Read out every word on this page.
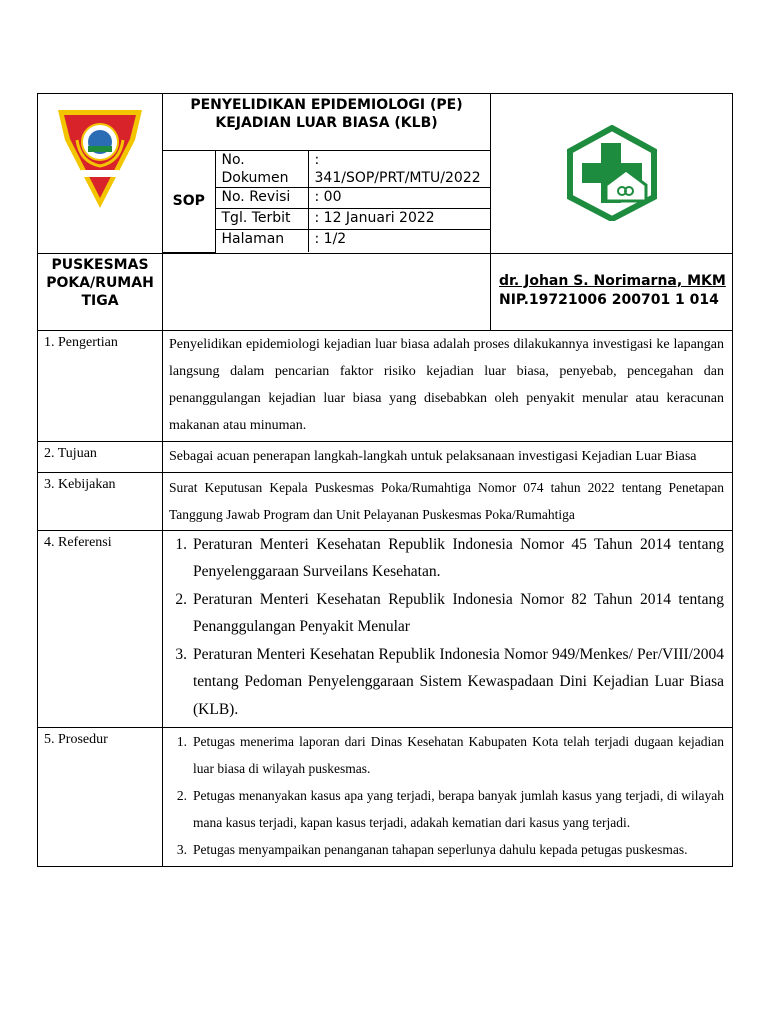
PENYELIDIKAN EPIDEMIOLOGI (PE)
KEJADIAN LUAR BIASA (KLB)
SOP	No. Dokumen	: 341/SOP/PRT/MTU/2022
No. Revisi	: 00
Tgl. Terbit	: 12 Januari 2022
Halaman	: 1/2

PUSKESMAS POKA/RUMAH TIGA		
dr. Johan S. Norimarna, MKM
NIP.19721006 200701 1 014

1. Pengertian	Penyelidikan epidemiologi kejadian luar biasa adalah proses dilakukannya investigasi ke lapangan langsung dalam pencarian faktor risiko kejadian luar biasa, penyebab, pencegahan dan penanggulangan kejadian luar biasa yang disebabkan oleh penyakit menular atau keracunan makanan atau minuman.
2. Tujuan	Sebagai acuan penerapan langkah-langkah untuk pelaksanaan investigasi Kejadian Luar Biasa
3. Kebijakan	Surat Keputusan Kepala Puskesmas Poka/Rumahtiga Nomor 074 tahun 2022 tentang Penetapan Tanggung Jawab Program dan Unit Pelayanan Puskesmas Poka/Rumahtiga
4. Referensi	1. Peraturan Menteri Kesehatan Republik Indonesia Nomor 45 Tahun 2014 tentang Penyelenggaraan Surveilans Kesehatan.
2. Peraturan Menteri Kesehatan Republik Indonesia Nomor 82 Tahun 2014 tentang Penanggulangan Penyakit Menular
3. Peraturan Menteri Kesehatan Republik Indonesia Nomor 949/Menkes/ Per/VIII/2004 tentang Pedoman Penyelenggaraan Sistem Kewaspadaan Dini Kejadian Luar Biasa (KLB).

5. Prosedur	1. Petugas menerima laporan dari Dinas Kesehatan Kabupaten Kota telah terjadi dugaan kejadian luar biasa di wilayah puskesmas.
2. Petugas menanyakan kasus apa yang terjadi, berapa banyak jumlah kasus yang terjadi, di wilayah mana kasus terjadi, kapan kasus terjadi, adakah kematian dari kasus yang terjadi.
3. Petugas menyampaikan penanganan tahapan seperlunya dahulu kepada petugas puskesmas.
